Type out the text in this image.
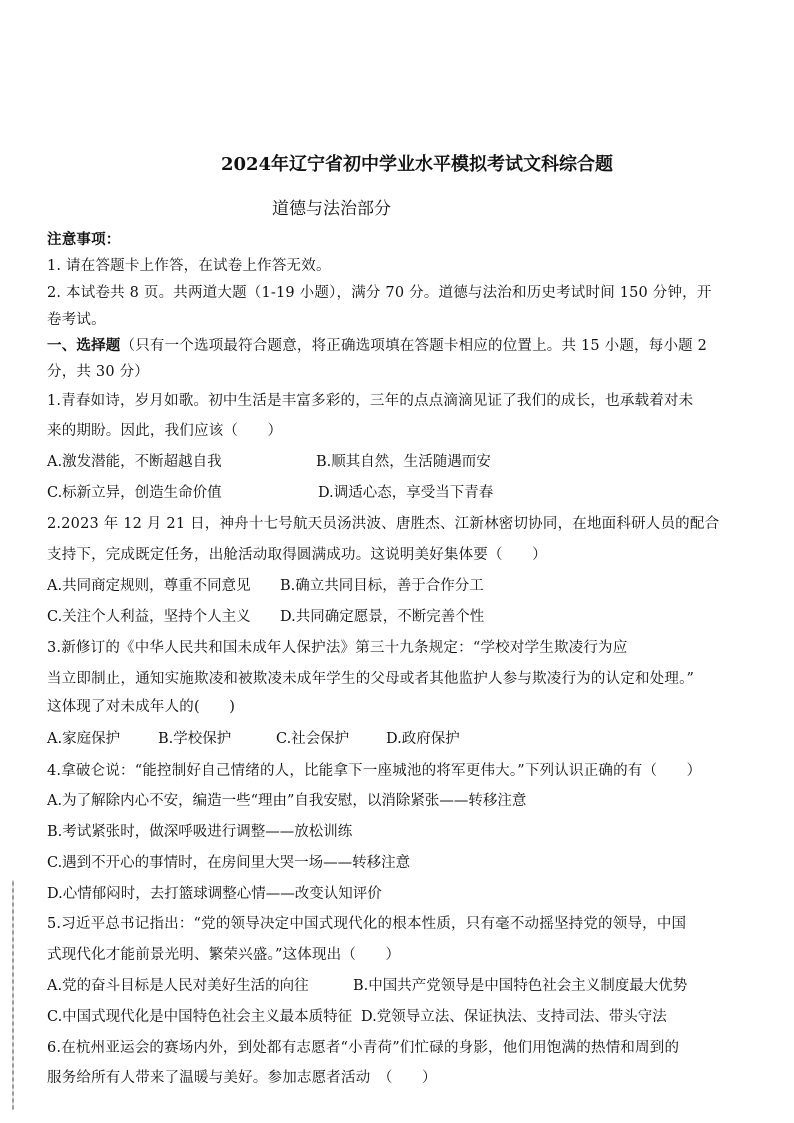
2024年辽宁省初中学业水平模拟考试文科综合题
道德与法治部分
注意事项：
1. 请在答题卡上作答，在试卷上作答无效。
2. 本试卷共 8 页。共两道大题（1-19 小题），满分 70 分。道德与法治和历史考试时间 150 分钟，开
卷考试。
一、选择题（只有一个选项最符合题意，将正确选项填在答题卡相应的位置上。共 15 小题，每小题 2
分，共 30 分）
1.青春如诗，岁月如歌。初中生活是丰富多彩的，三年的点点滴滴见证了我们的成长，也承载着对未
来的期盼。因此，我们应该（　　）
A.激发潜能，不断超越自我	B.顺其自然，生活随遇而安
C.标新立异，创造生命价值	D.调适心态，享受当下青春
2.2023 年 12 月 21 日，神舟十七号航天员汤洪波、唐胜杰、江新林密切协同，在地面科研人员的配合
支持下，完成既定任务，出舱活动取得圆满成功。这说明美好集体要（　　）
A.共同商定规则，尊重不同意见 B.确立共同目标，善于合作分工
C.关注个人利益，坚持个人主义 D.共同确定愿景，不断完善个性
3.新修订的《中华人民共和国未成年人保护法》第三十九条规定：“学校对学生欺凌行为应
当立即制止，通知实施欺凌和被欺凌未成年学生的父母或者其他监护人参与欺凌行为的认定和处理。”
这体现了对未成年人的(　　)
A.家庭保护	B.学校保护	C.社会保护	D.政府保护
4.拿破仑说：“能控制好自己情绪的人，比能拿下一座城池的将军更伟大。”下列认识正确的有（　　）
A.为了解除内心不安，编造一些“理由”自我安慰，以消除紧张——转移注意
B.考试紧张时，做深呼吸进行调整——放松训练
C.遇到不开心的事情时，在房间里大哭一场——转移注意
D.心情郁闷时，去打篮球调整心情——改变认知评价
5.习近平总书记指出：“党的领导决定中国式现代化的根本性质，只有毫不动摇坚持党的领导，中国
式现代化才能前景光明、繁荣兴盛。”这体现出（　　）
A.党的奋斗目标是人民对美好生活的向往	B.中国共产党领导是中国特色社会主义制度最大优势
C.中国式现代化是中国特色社会主义最本质特征 D.党领导立法、保证执法、支持司法、带头守法
6.在杭州亚运会的赛场内外，到处都有志愿者“小青荷”们忙碌的身影，他们用饱满的热情和周到的
服务给所有人带来了温暖与美好。参加志愿者活动　（　　）
